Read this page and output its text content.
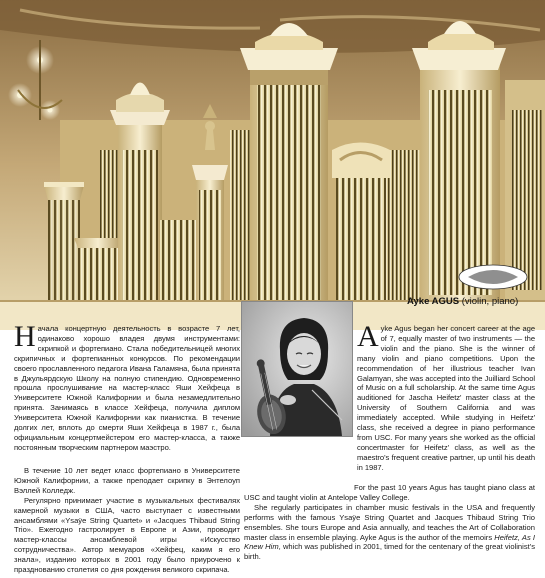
Ayke AGUS (violin, piano)

Начала концертную деятельность в возрасте 7 лет, одинаково хорошо владея двумя инструментами: скрипкой и фортепиано. Стала победительницей многих скрипичных и фортепианных конкурсов. По рекомендации своего прославленного педагога Ивана Галамяна, была принята в Джульярдскую Школу на полную стипендию. Одновременно прошла прослушивание на мастер-класс Яши Хейфеца в Университете Южной Калифорнии и была незамедлительно принята. Занимаясь в классе Хейфеца, получила диплом Университета Южной Калифорнии как пианистка. В течение долгих лет, вплоть до смерти Яши Хейфеца в 1987 г., была официальным концертмейстером его мастер-класса, а также постоянным творческим партнером маэстро.

В течение 10 лет ведет класс фортепиано в Университете Южной Калифорнии, а также преподает скрипку в Энтелоуп Вэллей Колледж.

Регулярно принимает участие в музыкальных фестивалях камерной музыки в США, часто выступает с известными ансамблями «Ysaÿe String Quartet» и «Jacques Thibaud String Trio». Ежегодно гастролирует в Европе и Азии, проводит мастер-классы ансамблевой игры «Искусство сотрудничества». Автор мемуаров «Хейфец, каким я его знала», изданию которых в 2001 году было приурочено к празднованию столетия со дня рождения великого скрипача.

Ayke Agus began her concert career at the age of 7, equally master of two instruments — the violin and the piano. She is the winner of many violin and piano competitions. Upon the recommendation of her illustrious teacher Ivan Galamyan, she was accepted into the Juilliard School of Music on a full scholarship. At the same time Agus auditioned for Jascha Heifetz' master class at the University of Southern California and was immediately accepted. While studying in Heifetz' class, she received a degree in piano performance from USC. For many years she worked as the official concertmaster for Heifetz' class, as well as the maestro's frequent creative partner, up until his death in 1987.

For the past 10 years Agus has taught piano class at USC and taught violin at Antelope Valley College.

She regularly participates in chamber music festivals in the USA and frequently performs with the famous Ysaÿe String Quartet and Jacques Thibaud String Trio ensembles. She tours Europe and Asia annually, and teaches the Art of Collaboration master class in ensemble playing. Ayke Agus is the author of the memoirs Heifetz, As I Knew Him, which was published in 2001, timed for the centenary of the great violinist's birth.
